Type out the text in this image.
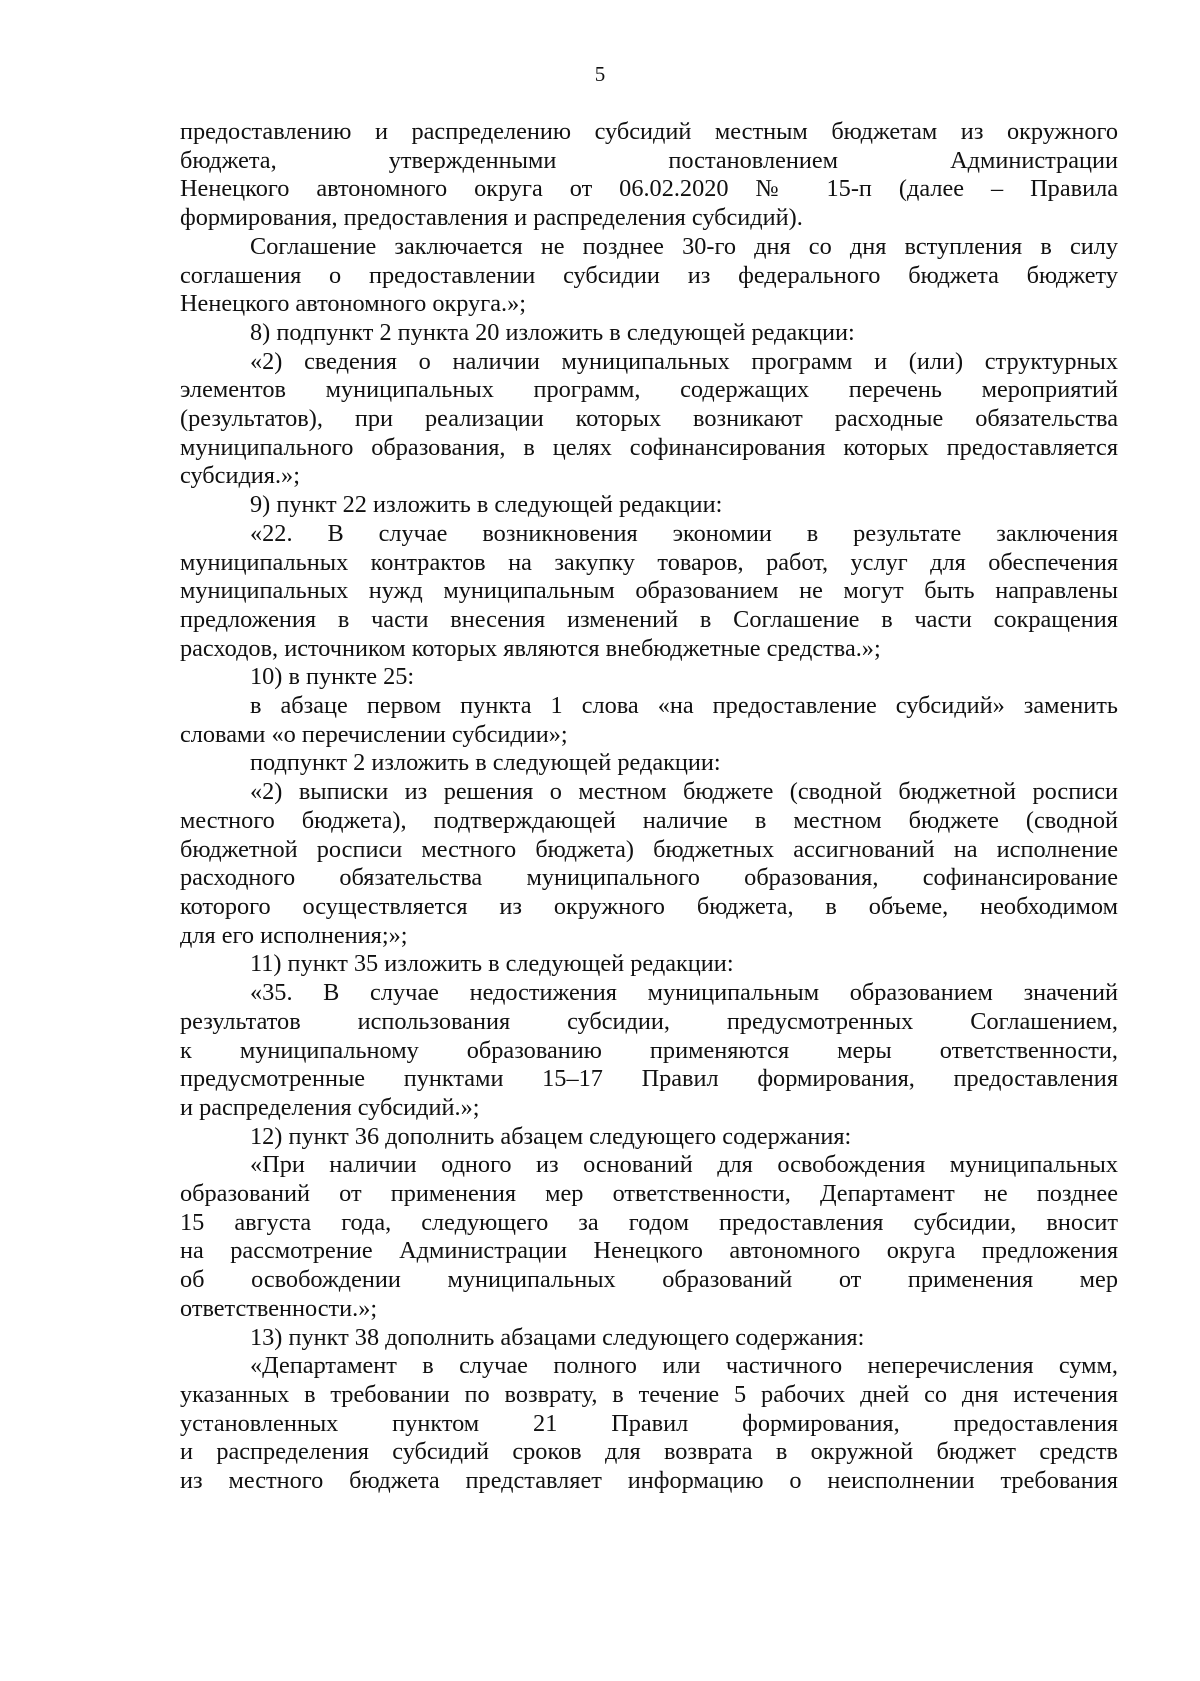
5
предоставлению и распределению субсидий местным бюджетам из окружного
бюджета, утвержденными постановлением Администрации
Ненецкого автономного округа от 06.02.2020 № 15-п (далее – Правила
формирования, предоставления и распределения субсидий).
Соглашение заключается не позднее 30-го дня со дня вступления в силу
соглашения о предоставлении субсидии из федерального бюджета бюджету
Ненецкого автономного округа.»;
8) подпункт 2 пункта 20 изложить в следующей редакции:
«2) сведения о наличии муниципальных программ и (или) структурных
элементов муниципальных программ, содержащих перечень мероприятий
(результатов), при реализации которых возникают расходные обязательства
муниципального образования, в целях софинансирования которых предоставляется
субсидия.»;
9) пункт 22 изложить в следующей редакции:
«22. В случае возникновения экономии в результате заключения
муниципальных контрактов на закупку товаров, работ, услуг для обеспечения
муниципальных нужд муниципальным образованием не могут быть направлены
предложения в части внесения изменений в Соглашение в части сокращения
расходов, источником которых являются внебюджетные средства.»;
10) в пункте 25:
в абзаце первом пункта 1 слова «на предоставление субсидий» заменить
словами «о перечислении субсидии»;
подпункт 2 изложить в следующей редакции:
«2) выписки из решения о местном бюджете (сводной бюджетной росписи
местного бюджета), подтверждающей наличие в местном бюджете (сводной
бюджетной росписи местного бюджета) бюджетных ассигнований на исполнение
расходного обязательства муниципального образования, софинансирование
которого осуществляется из окружного бюджета, в объеме, необходимом
для его исполнения;»;
11) пункт 35 изложить в следующей редакции:
«35. В случае недостижения муниципальным образованием значений
результатов использования субсидии, предусмотренных Соглашением,
к муниципальному образованию применяются меры ответственности,
предусмотренные пунктами 15–17 Правил формирования, предоставления
и распределения субсидий.»;
12) пункт 36 дополнить абзацем следующего содержания:
«При наличии одного из оснований для освобождения муниципальных
образований от применения мер ответственности, Департамент не позднее
15 августа года, следующего за годом предоставления субсидии, вносит
на рассмотрение Администрации Ненецкого автономного округа предложения
об освобождении муниципальных образований от применения мер
ответственности.»;
13) пункт 38 дополнить абзацами следующего содержания:
«Департамент в случае полного или частичного неперечисления сумм,
указанных в требовании по возврату, в течение 5 рабочих дней со дня истечения
установленных пунктом 21 Правил формирования, предоставления
и распределения субсидий сроков для возврата в окружной бюджет средств
из местного бюджета представляет информацию о неисполнении требования
